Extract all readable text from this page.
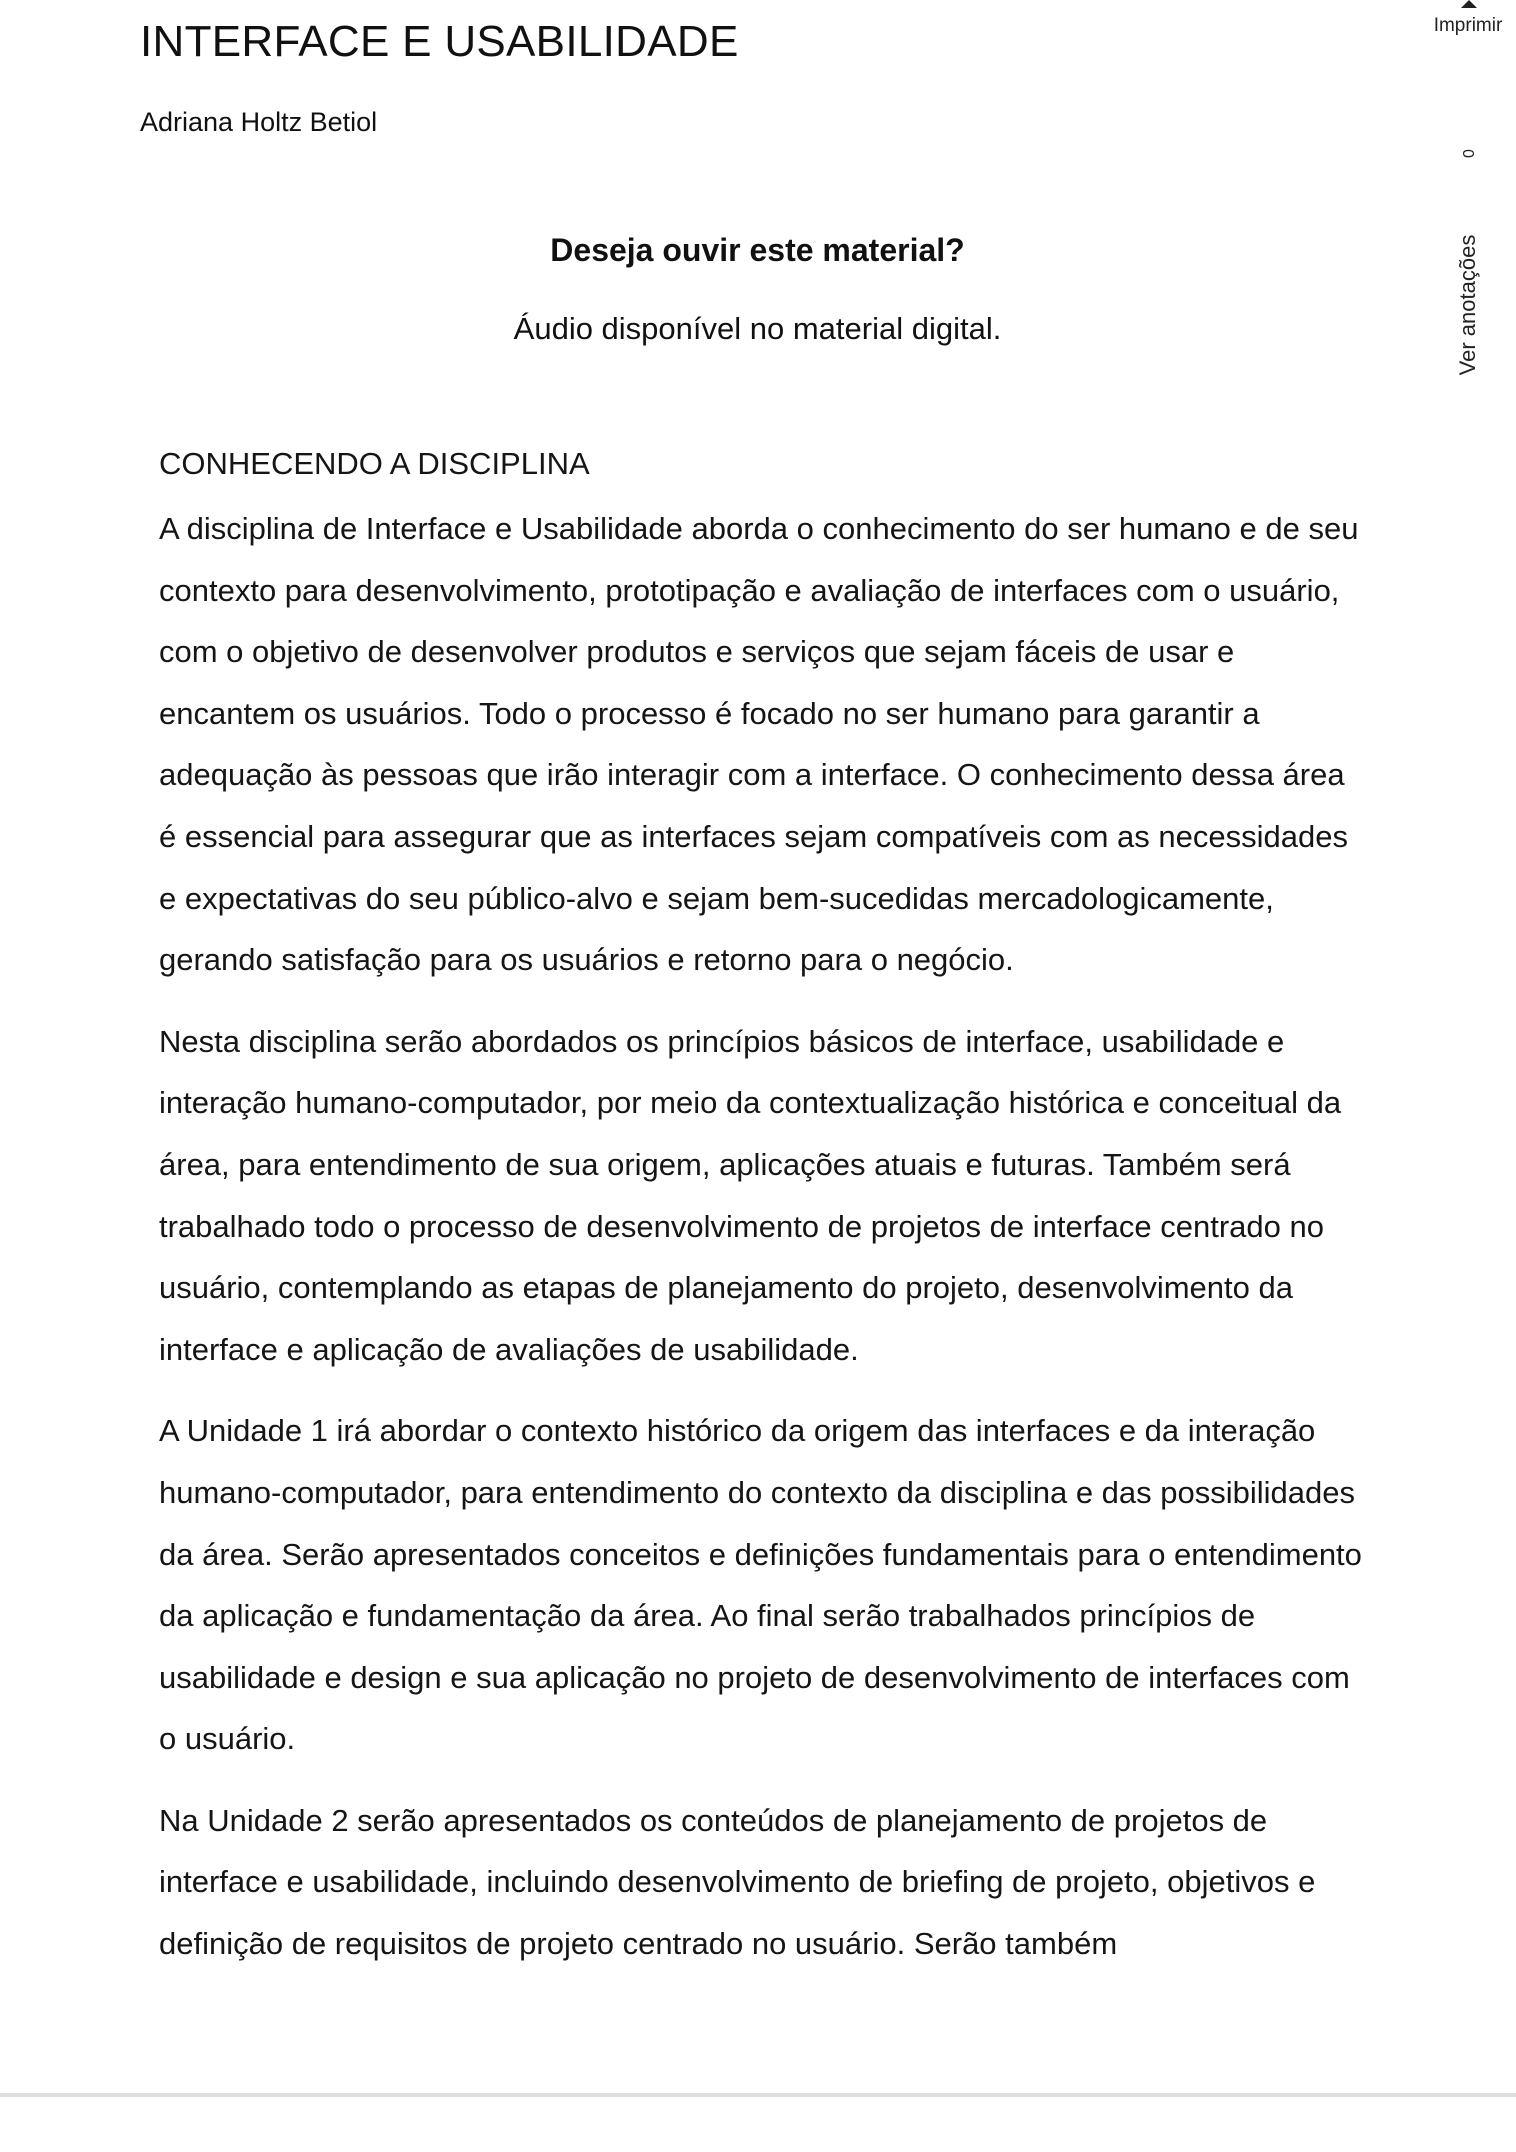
INTERFACE E USABILIDADE
Adriana Holtz Betiol

Deseja ouvir este material?

Áudio disponível no material digital.

CONHECENDO A DISCIPLINA

A disciplina de Interface e Usabilidade aborda o conhecimento do ser humano e de seu contexto para desenvolvimento, prototipação e avaliação de interfaces com o usuário, com o objetivo de desenvolver produtos e serviços que sejam fáceis de usar e encantem os usuários. Todo o processo é focado no ser humano para garantir a adequação às pessoas que irão interagir com a interface. O conhecimento dessa área é essencial para assegurar que as interfaces sejam compatíveis com as necessidades e expectativas do seu público-alvo e sejam bem-sucedidas mercadologicamente, gerando satisfação para os usuários e retorno para o negócio.

Nesta disciplina serão abordados os princípios básicos de interface, usabilidade e interação humano-computador, por meio da contextualização histórica e conceitual da área, para entendimento de sua origem, aplicações atuais e futuras. Também será trabalhado todo o processo de desenvolvimento de projetos de interface centrado no usuário, contemplando as etapas de planejamento do projeto, desenvolvimento da interface e aplicação de avaliações de usabilidade.

A Unidade 1 irá abordar o contexto histórico da origem das interfaces e da interação humano-computador, para entendimento do contexto da disciplina e das possibilidades da área. Serão apresentados conceitos e definições fundamentais para o entendimento da aplicação e fundamentação da área. Ao final serão trabalhados princípios de usabilidade e design e sua aplicação no projeto de desenvolvimento de interfaces com o usuário.

Na Unidade 2 serão apresentados os conteúdos de planejamento de projetos de interface e usabilidade, incluindo desenvolvimento de briefing de projeto, objetivos e definição de requisitos de projeto centrado no usuário. Serão também

Imprimir
0
Ver anotações
